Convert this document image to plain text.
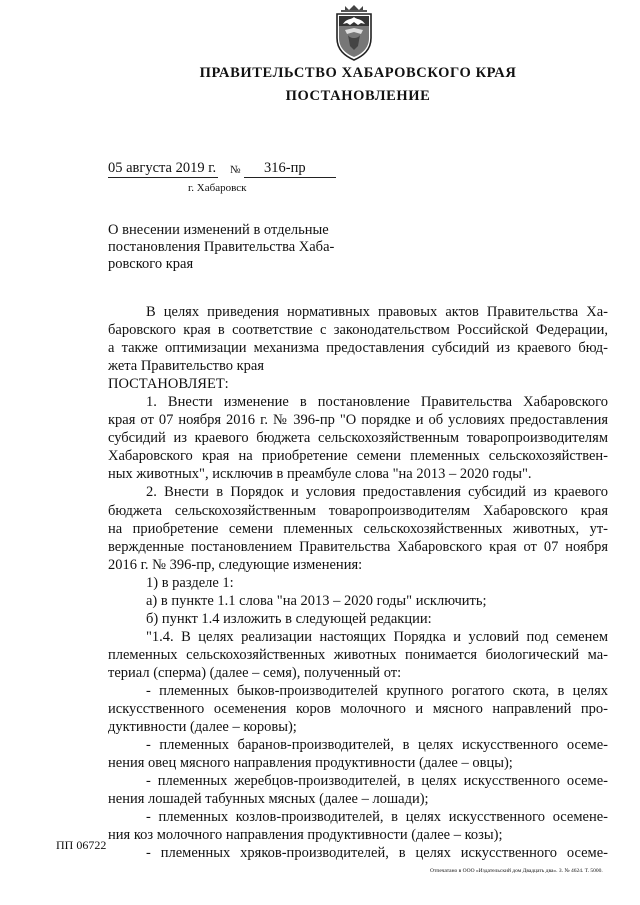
ПРАВИТЕЛЬСТВО ХАБАРОВСКОГО КРАЯ
ПОСТАНОВЛЕНИЕ
05 августа 2019 г. № 316-пр
г. Хабаровск
О внесении изменений в отдельные
постановления Правительства Хаба-
ровского края
В целях приведения нормативных правовых актов Правительства Ха-
баровского края в соответствие с законодательством Российской Федерации,
а также оптимизации механизма предоставления субсидий из краевого бюд-
жета Правительство края
ПОСТАНОВЛЯЕТ:
1. Внести изменение в постановление Правительства Хабаровского
края от 07 ноября 2016 г. № 396-пр "О порядке и об условиях предоставления
субсидий из краевого бюджета сельскохозяйственным товаропроизводителям
Хабаровского края на приобретение семени племенных сельскохозяйствен-
ных животных", исключив в преамбуле слова "на 2013 – 2020 годы".
2. Внести в Порядок и условия предоставления субсидий из краевого
бюджета сельскохозяйственным товаропроизводителям Хабаровского края
на приобретение семени племенных сельскохозяйственных животных, ут-
вержденные постановлением Правительства Хабаровского края от 07 ноября
2016 г. № 396-пр, следующие изменения:
1) в разделе 1:
а) в пункте 1.1 слова "на 2013 – 2020 годы" исключить;
б) пункт 1.4 изложить в следующей редакции:
"1.4. В целях реализации настоящих Порядка и условий под семенем
племенных сельскохозяйственных животных понимается биологический ма-
териал (сперма) (далее – семя), полученный от:
- племенных быков-производителей крупного рогатого скота, в целях
искусственного осеменения коров молочного и мясного направлений про-
дуктивности (далее – коровы);
- племенных баранов-производителей, в целях искусственного осеме-
нения овец мясного направления продуктивности (далее – овцы);
- племенных жеребцов-производителей, в целях искусственного осеме-
нения лошадей табунных мясных (далее – лошади);
- племенных козлов-производителей, в целях искусственного осемене-
ния коз молочного направления продуктивности (далее – козы);
- племенных хряков-производителей, в целях искусственного осеме-
ПП 06722
Отпечатано в ООО «Издательский дом Двадцать два». З. № 4624. Т. 5000.
